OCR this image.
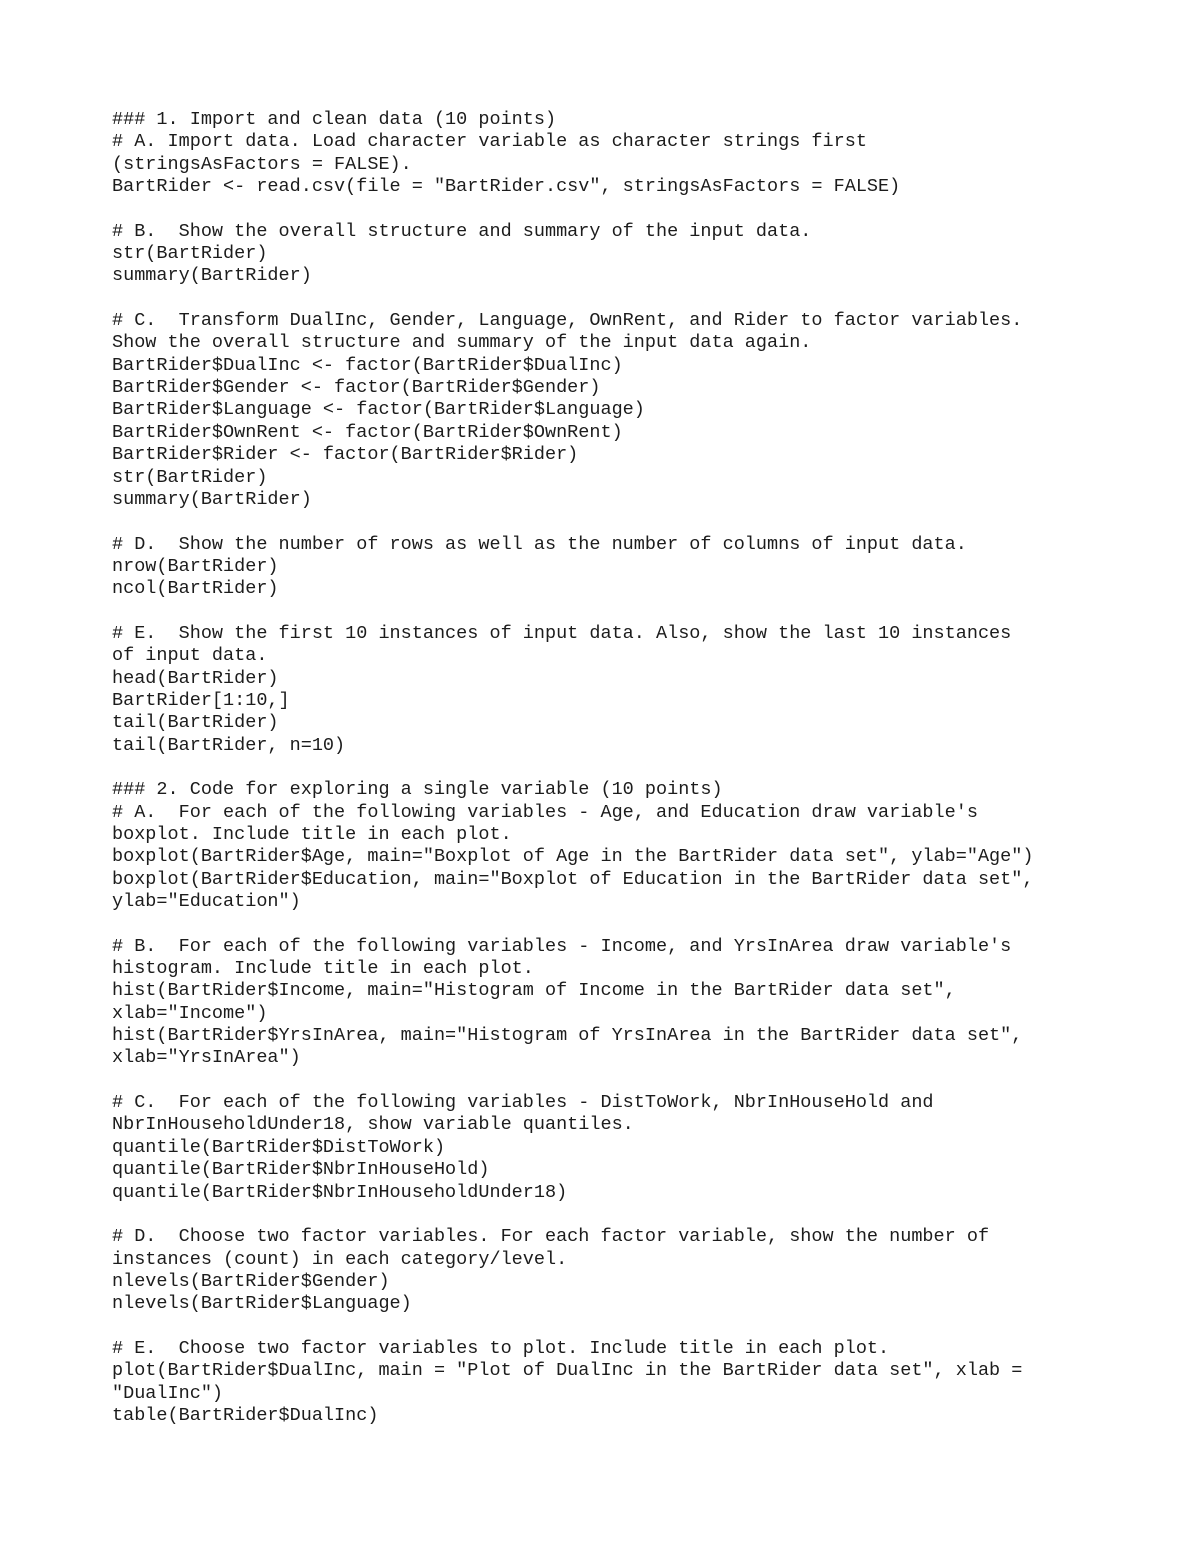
### 1. Import and clean data (10 points)
# A. Import data. Load character variable as character strings first
(stringsAsFactors = FALSE).
BartRider <- read.csv(file = "BartRider.csv", stringsAsFactors = FALSE)
# B.  Show the overall structure and summary of the input data.
str(BartRider)
summary(BartRider)
# C.  Transform DualInc, Gender, Language, OwnRent, and Rider to factor variables.
Show the overall structure and summary of the input data again.
BartRider$DualInc <- factor(BartRider$DualInc)
BartRider$Gender <- factor(BartRider$Gender)
BartRider$Language <- factor(BartRider$Language)
BartRider$OwnRent <- factor(BartRider$OwnRent)
BartRider$Rider <- factor(BartRider$Rider)
str(BartRider)
summary(BartRider)
# D.  Show the number of rows as well as the number of columns of input data.
nrow(BartRider)
ncol(BartRider)
# E.  Show the first 10 instances of input data. Also, show the last 10 instances
of input data.
head(BartRider)
BartRider[1:10,]
tail(BartRider)
tail(BartRider, n=10)
### 2. Code for exploring a single variable (10 points)
# A.  For each of the following variables - Age, and Education draw variable's
boxplot. Include title in each plot.
boxplot(BartRider$Age, main="Boxplot of Age in the BartRider data set", ylab="Age")
boxplot(BartRider$Education, main="Boxplot of Education in the BartRider data set",
ylab="Education")
# B.  For each of the following variables - Income, and YrsInArea draw variable's
histogram. Include title in each plot.
hist(BartRider$Income, main="Histogram of Income in the BartRider data set",
xlab="Income")
hist(BartRider$YrsInArea, main="Histogram of YrsInArea in the BartRider data set",
xlab="YrsInArea")
# C.  For each of the following variables - DistToWork, NbrInHouseHold and
NbrInHouseholdUnder18, show variable quantiles.
quantile(BartRider$DistToWork)
quantile(BartRider$NbrInHouseHold)
quantile(BartRider$NbrInHouseholdUnder18)
# D.  Choose two factor variables. For each factor variable, show the number of
instances (count) in each category/level.
nlevels(BartRider$Gender)
nlevels(BartRider$Language)
# E.  Choose two factor variables to plot. Include title in each plot.
plot(BartRider$DualInc, main = "Plot of DualInc in the BartRider data set", xlab =
"DualInc")
table(BartRider$DualInc)
